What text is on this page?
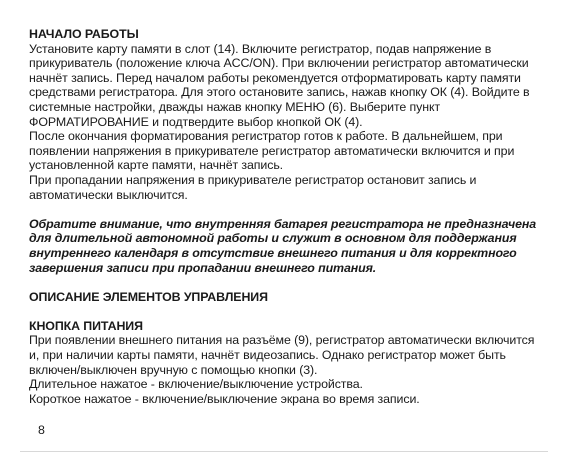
НАЧАЛО РАБОТЫ
Установите карту памяти в слот (14). Включите регистратор, подав напряжение в прикуриватель (положение ключа ACC/ON). При включении регистратор автоматически начнёт запись. Перед началом работы рекомендуется отформатировать карту памяти средствами регистратора. Для этого остановите запись, нажав кнопку ОК (4). Войдите в системные настройки, дважды нажав кнопку МЕНЮ (6). Выберите пункт ФОРМАТИРОВАНИЕ и подтвердите выбор кнопкой ОК (4).
После окончания форматирования регистратор готов к работе. В дальнейшем, при появлении напряжения в прикуривателе регистратор автоматически включится и при установленной карте памяти, начнёт запись.
При пропадании напряжения в прикуривателе регистратор остановит запись и автоматически выключится.
Обратите внимание, что внутренняя батарея регистратора не предназначена для длительной автономной работы и служит в основном для поддержания внутреннего календаря в отсутствие внешнего питания и для корректного завершения записи при пропадании внешнего питания.
ОПИСАНИЕ ЭЛЕМЕНТОВ УПРАВЛЕНИЯ
КНОПКА ПИТАНИЯ
При появлении внешнего питания на разъёме (9), регистратор автоматически включится и, при наличии карты памяти, начнёт видеозапись. Однако регистратор может быть включен/выключен вручную с помощью кнопки (3).
Длительное нажатое - включение/выключение устройства.
Короткое нажатое - включение/выключение экрана во время записи.
8
